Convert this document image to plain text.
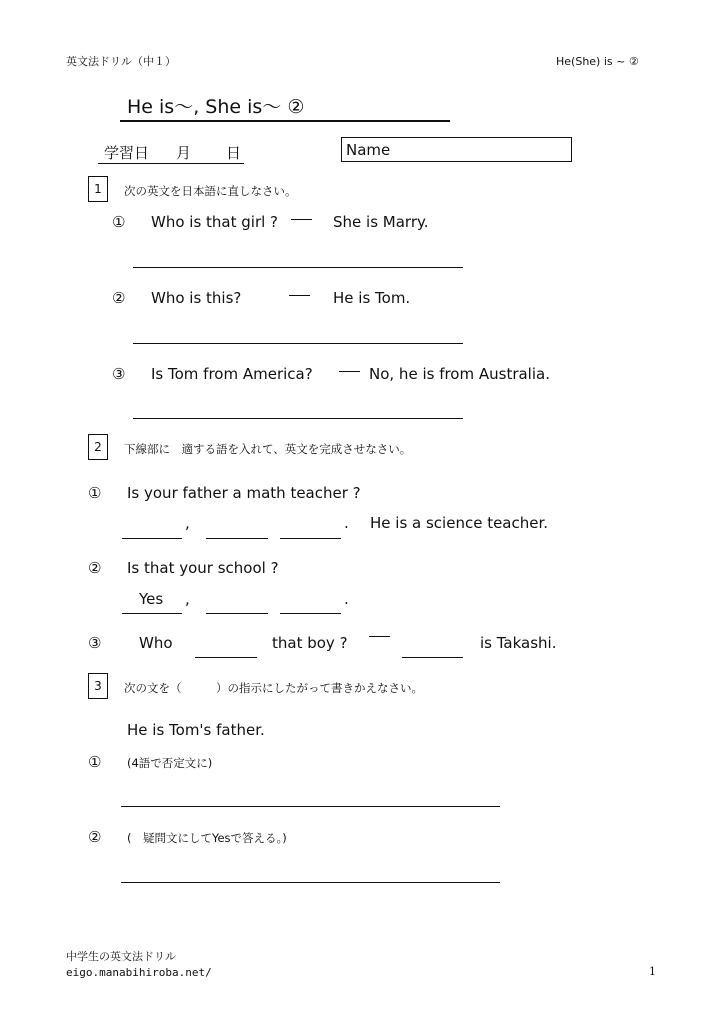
英文法ドリル（中１）	He(She) is ~ ②
He is～, She is～ ②
学習日 月 日	Name
1	次の英文を日本語に直しなさい。
① Who is that girl ?	She is Marry.
② Who is this?	He is Tom.
③ Is Tom from America?	No, he is from Australia.
2	下線部に　適する語を入れて、英文を完成させなさい。
① Is your father a math teacher ?
,	. He is a science teacher.
② Is that your school ?
Yes ,	.
③	Who	that boy ?	is Takashi.
3	次の文を（　　　）の指示にしたがって書きかえなさい。
He is Tom's father.
① (4語で否定文に)
② (　疑問文にしてYesで答える。)
中学生の英文法ドリル
eigo.manabihiroba.net/	1
